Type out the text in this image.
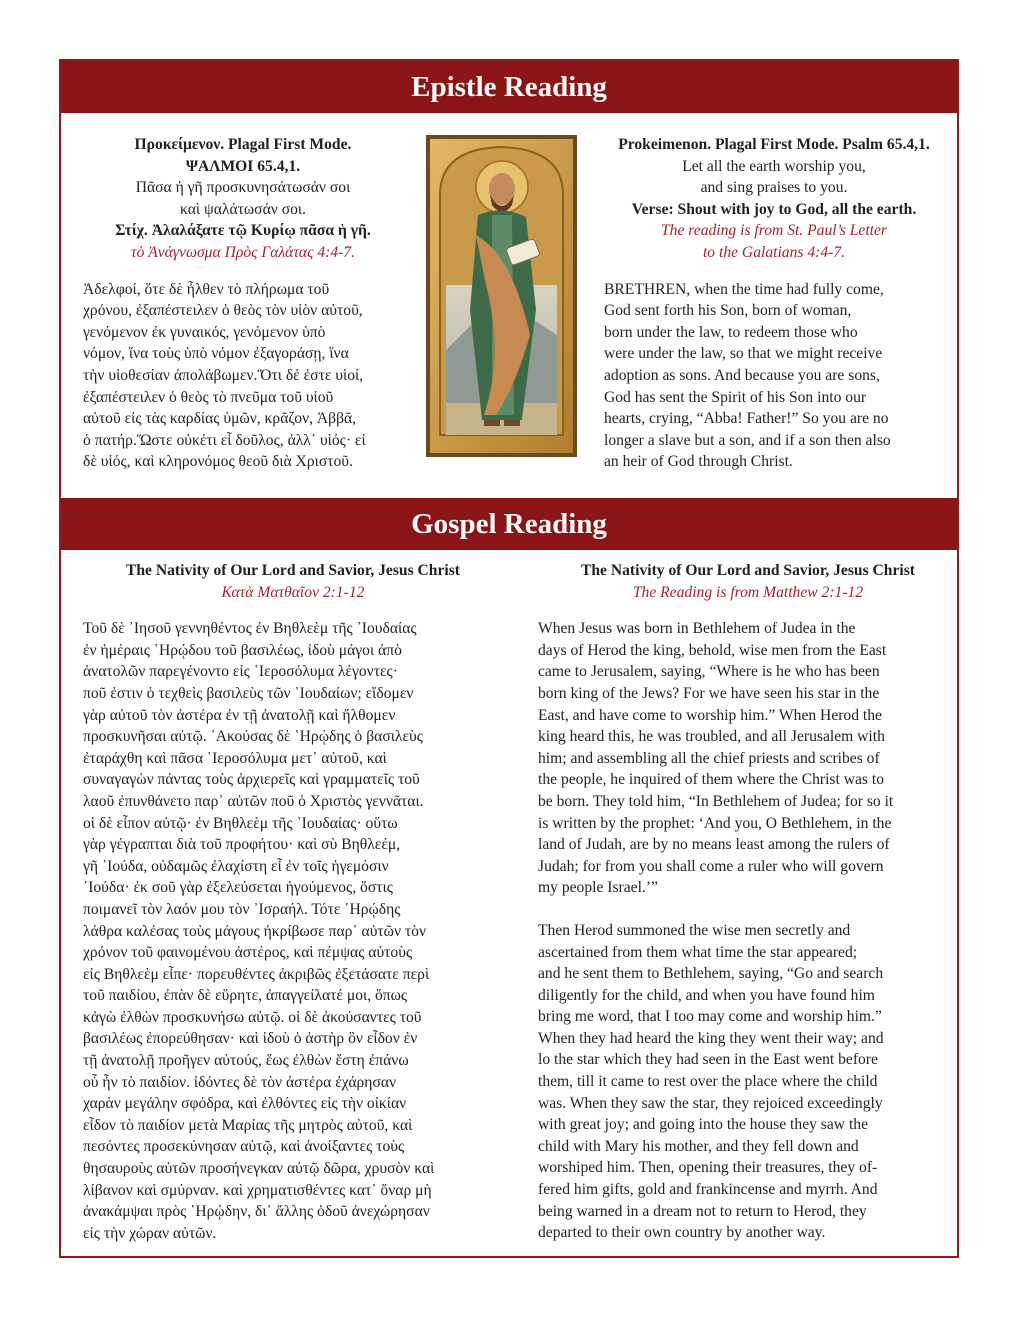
Epistle Reading
Προκείμενον. Plagal First Mode.
ΨΑΛΜΟΙ 65.4,1.
Πᾶσα ἡ γῆ προσκυνησάτωσάν σοι
καὶ ψαλάτωσάν σοι.
Στίχ. Ἀλαλάξατε τῷ Κυρίῳ πᾶσα ἡ γῆ.
τὸ Ἀνάγνωσμα Πρὸς Γαλάτας 4:4-7.

Ἀδελφοί, ὅτε δὲ ἦλθεν τὸ πλήρωμα τοῦ

χρόνου, ἐξαπέστειλεν ὁ θεὸς τὸν υἱὸν αὐτοῦ,

γενόμενον ἐκ γυναικός, γενόμενον ὑπὸ

νόμον, ἵνα τοὺς ὑπὸ νόμον ἐξαγοράσῃ, ἵνα

τὴν υἱοθεσίαν ἀπολάβωμεν.Ὅτι δέ ἐστε υἱοί,

ἐξαπέστειλεν ὁ θεὸς τὸ πνεῦμα τοῦ υἱοῦ

αὐτοῦ εἰς τὰς καρδίας ὑμῶν, κρᾶζον, Ἀββᾶ,

ὁ πατήρ.Ὥστε οὐκέτι εἶ δοῦλος, ἀλλ᾽ υἱός· εἰ

δὲ υἱός, καὶ κληρονόμος θεοῦ διὰ Χριστοῦ.

Prokeimenon. Plagal First Mode. Psalm 65.4,1.
Let all the earth worship you,
and sing praises to you.
Verse: Shout with joy to God, all the earth.
The reading is from St. Paul’s Letter
to the Galatians 4:4-7.

BRETHREN, when the time had fully come,

God sent forth his Son, born of woman,

born under the law, to redeem those who

were under the law, so that we might receive

adoption as sons. And because you are sons,

God has sent the Spirit of his Son into our

hearts, crying, “Abba! Father!” So you are no

longer a slave but a son, and if a son then also

an heir of God through Christ.

Gospel Reading
The Nativity of Our Lord and Savior, Jesus Christ
Κατὰ Ματθαῖον 2:1-12

Τοῦ δὲ ᾿Ιησοῦ γεννηθέντος ἐν Βηθλεὲμ τῆς ᾿Ιουδαίας

ἐν ἡμέραις ῾Ηρῴδου τοῦ βασιλέως, ἰδοὺ μάγοι ἀπὸ

ἀνατολῶν παρεγένοντο εἰς ῾Ιεροσόλυμα λέγοντες·

ποῦ ἐστιν ὁ τεχθεὶς βασιλεὺς τῶν ᾿Ιουδαίων; εἴδομεν

γὰρ αὐτοῦ τὸν ἀστέρα ἐν τῇ ἀνατολῇ καὶ ἤλθομεν

προσκυνῆσαι αὐτῷ. ᾿Ακούσας δὲ ῾Ηρῴδης ὁ βασιλεὺς

ἐταράχθη καὶ πᾶσα ῾Ιεροσόλυμα μετ᾿ αὐτοῦ, καὶ

συναγαγὼν πάντας τοὺς ἀρχιερεῖς καὶ γραμματεῖς τοῦ

λαοῦ ἐπυνθάνετο παρ᾿ αὐτῶν ποῦ ὁ Χριστὸς γεννᾶται.

οἱ δὲ εἶπον αὐτῷ· ἐν Βηθλεὲμ τῆς ᾿Ιουδαίας· οὕτω

γὰρ γέγραπται διὰ τοῦ προφήτου· καὶ σὺ Βηθλεέμ,

γῆ ᾿Ιούδα, οὐδαμῶς ἐλαχίστη εἶ ἐν τοῖς ἡγεμόσιν

᾿Ιούδα· ἐκ σοῦ γὰρ ἐξελεύσεται ἡγούμενος, ὅστις

ποιμανεῖ τὸν λαόν μου τὸν ᾿Ισραήλ. Τότε ῾Ηρῴδης

λάθρα καλέσας τοὺς μάγους ἠκρίβωσε παρ᾿ αὐτῶν τὸν

χρόνον τοῦ φαινομένου ἀστέρος, καὶ πέμψας αὐτοὺς

εἰς Βηθλεὲμ εἶπε· πορευθέντες ἀκριβῶς ἐξετάσατε περὶ

τοῦ παιδίου, ἐπὰν δὲ εὕρητε, ἀπαγγείλατέ μοι, ὅπως

κἀγὼ ἐλθὼν προσκυνήσω αὐτῷ. οἱ δὲ ἀκούσαντες τοῦ

βασιλέως ἐπορεύθησαν· καὶ ἰδοὺ ὁ ἀστὴρ ὃν εἶδον ἐν

τῇ ἀνατολῇ προῆγεν αὐτούς, ἕως ἐλθὼν ἔστη ἐπάνω

οὗ ἦν τὸ παιδίον. ἰδόντες δὲ τὸν ἀστέρα ἐχάρησαν

χαρὰν μεγάλην σφόδρα, καὶ ἐλθόντες εἰς τὴν οἰκίαν

εἶδον τὸ παιδίον μετὰ Μαρίας τῆς μητρὸς αὐτοῦ, καὶ

πεσόντες προσεκύνησαν αὐτῷ, καὶ ἀνοίξαντες τοὺς

θησαυροὺς αὐτῶν προσήνεγκαν αὐτῷ δῶρα, χρυσὸν καὶ

λίβανον καὶ σμύρναν. καὶ χρηματισθέντες κατ᾿ ὄναρ μὴ

ἀνακάμψαι πρὸς ῾Ηρῴδην, δι᾿ ἄλλης ὁδοῦ ἀνεχώρησαν

εἰς τὴν χώραν αὐτῶν.

The Nativity of Our Lord and Savior, Jesus Christ
The Reading is from Matthew 2:1-12

When Jesus was born in Bethlehem of Judea in the

days of Herod the king, behold, wise men from the East

came to Jerusalem, saying, “Where is he who has been

born king of the Jews? For we have seen his star in the

East, and have come to worship him.” When Herod the

king heard this, he was troubled, and all Jerusalem with

him; and assembling all the chief priests and scribes of

the people, he inquired of them where the Christ was to

be born. They told him, “In Bethlehem of Judea; for so it

is written by the prophet: ‘And you, O Bethlehem, in the

land of Judah, are by no means least among the rulers of

Judah; for from you shall come a ruler who will govern

my people Israel.’”

Then Herod summoned the wise men secretly and

ascertained from them what time the star appeared;

and he sent them to Bethlehem, saying, “Go and search

diligently for the child, and when you have found him

bring me word, that I too may come and worship him.”

When they had heard the king they went their way; and

lo the star which they had seen in the East went before

them, till it came to rest over the place where the child

was. When they saw the star, they rejoiced exceedingly

with great joy; and going into the house they saw the

child with Mary his mother, and they fell down and

worshiped him. Then, opening their treasures, they of-

fered him gifts, gold and frankincense and myrrh. And

being warned in a dream not to return to Herod, they

departed to their own country by another way.
